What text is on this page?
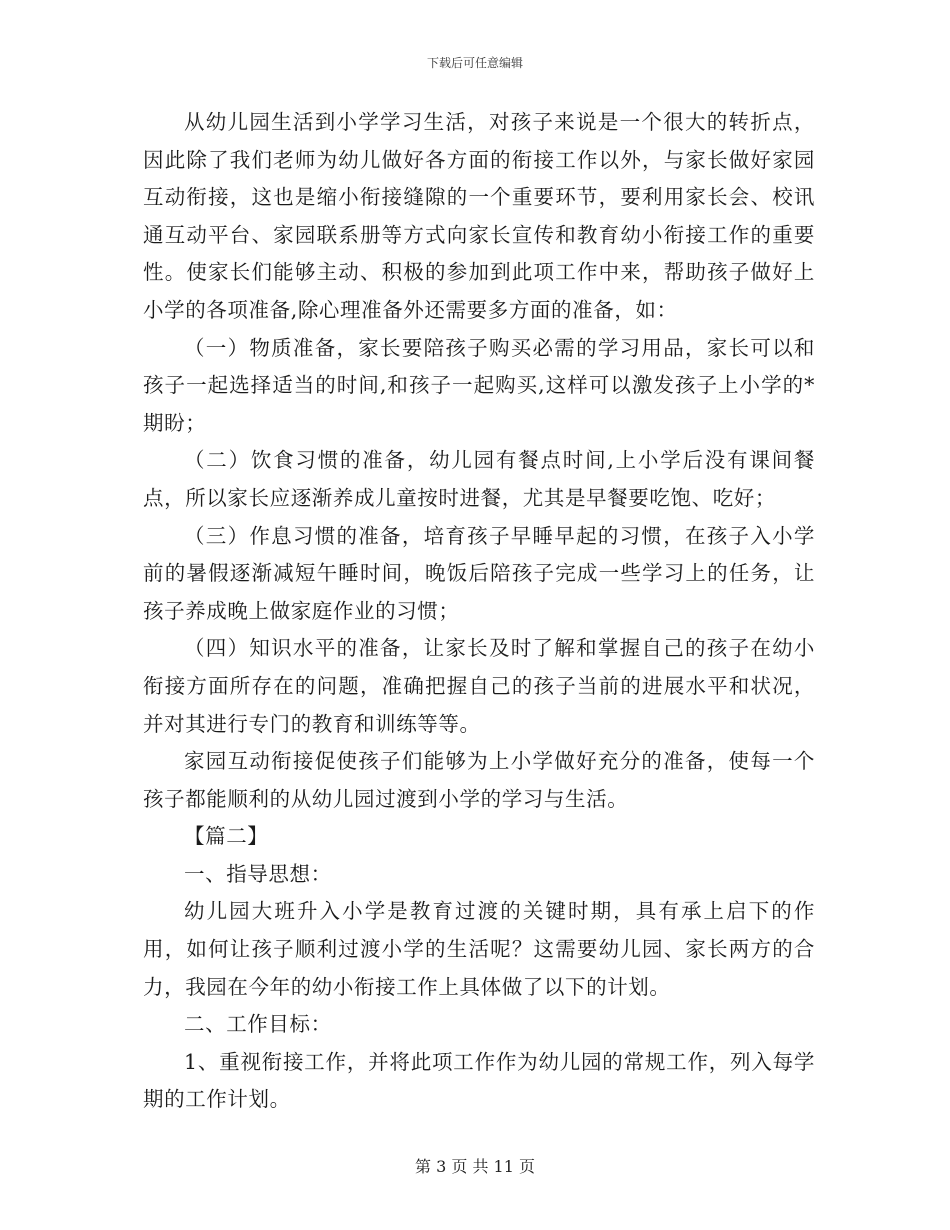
下载后可任意编辑

从幼儿园生活到小学学习生活，对孩子来说是一个很大的转折点，因此除了我们老师为幼儿做好各方面的衔接工作以外，与家长做好家园互动衔接，这也是缩小衔接缝隙的一个重要环节，要利用家长会、校讯通互动平台、家园联系册等方式向家长宣传和教育幼小衔接工作的重要性。使家长们能够主动、积极的参加到此项工作中来，帮助孩子做好上小学的各项准备,除心理准备外还需要多方面的准备，如：

（一）物质准备，家长要陪孩子购买必需的学习用品，家长可以和孩子一起选择适当的时间,和孩子一起购买,这样可以激发孩子上小学的*期盼；

（二）饮食习惯的准备，幼儿园有餐点时间,上小学后没有课间餐点，所以家长应逐渐养成儿童按时进餐，尤其是早餐要吃饱、吃好；

（三）作息习惯的准备，培育孩子早睡早起的习惯，在孩子入小学前的暑假逐渐减短午睡时间，晚饭后陪孩子完成一些学习上的任务，让孩子养成晚上做家庭作业的习惯；

（四）知识水平的准备，让家长及时了解和掌握自己的孩子在幼小衔接方面所存在的问题，准确把握自己的孩子当前的进展水平和状况，并对其进行专门的教育和训练等等。

家园互动衔接促使孩子们能够为上小学做好充分的准备，使每一个孩子都能顺利的从幼儿园过渡到小学的学习与生活。

【篇二】

一、指导思想：

幼儿园大班升入小学是教育过渡的关键时期，具有承上启下的作用，如何让孩子顺利过渡小学的生活呢？这需要幼儿园、家长两方的合力，我园在今年的幼小衔接工作上具体做了以下的计划。

二、工作目标：

1、重视衔接工作，并将此项工作作为幼儿园的常规工作，列入每学期的工作计划。

第 3 页 共 11 页
